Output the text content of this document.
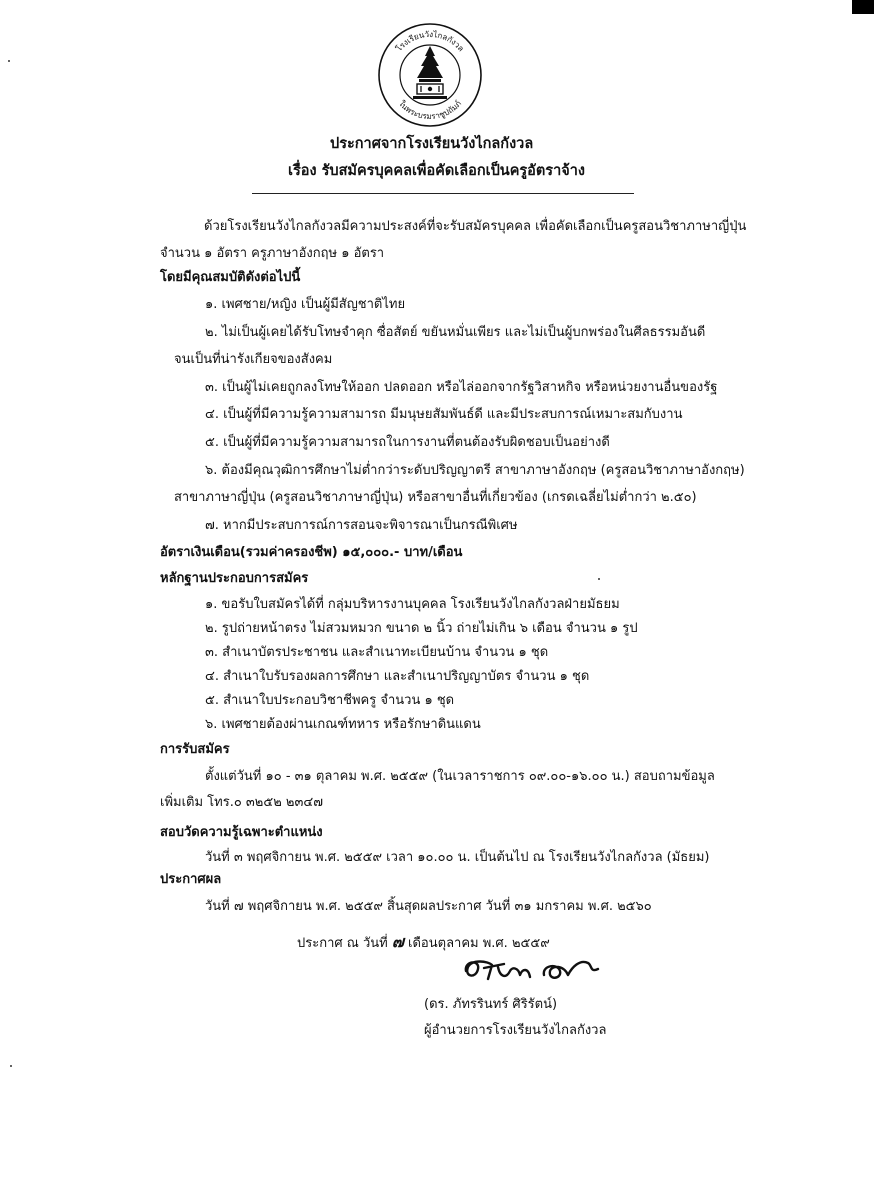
โรงเรียนวังไกลกังวล
ในพระบรมราชูปถัมภ์
ประกาศจากโรงเรียนวังไกลกังวล
เรื่อง รับสมัครบุคคลเพื่อคัดเลือกเป็นครูอัตราจ้าง
ด้วยโรงเรียนวังไกลกังวลมีความประสงค์ที่จะรับสมัครบุคคล เพื่อคัดเลือกเป็นครูสอนวิชาภาษาญี่ปุ่น
จำนวน ๑ อัตรา ครูภาษาอังกฤษ ๑ อัตรา
โดยมีคุณสมบัติดังต่อไปนี้
๑. เพศชาย/หญิง เป็นผู้มีสัญชาติไทย
๒. ไม่เป็นผู้เคยได้รับโทษจำคุก ซื่อสัตย์ ขยันหมั่นเพียร และไม่เป็นผู้บกพร่องในศีลธรรมอันดี
จนเป็นที่น่ารังเกียจของสังคม
๓. เป็นผู้ไม่เคยถูกลงโทษให้ออก ปลดออก หรือไล่ออกจากรัฐวิสาหกิจ หรือหน่วยงานอื่นของรัฐ
๔. เป็นผู้ที่มีความรู้ความสามารถ มีมนุษยสัมพันธ์ดี และมีประสบการณ์เหมาะสมกับงาน
๕. เป็นผู้ที่มีความรู้ความสามารถในการงานที่ตนต้องรับผิดชอบเป็นอย่างดี
๖. ต้องมีคุณวุฒิการศึกษาไม่ต่ำกว่าระดับปริญญาตรี สาขาภาษาอังกฤษ (ครูสอนวิชาภาษาอังกฤษ)
สาขาภาษาญี่ปุ่น (ครูสอนวิชาภาษาญี่ปุ่น) หรือสาขาอื่นที่เกี่ยวข้อง (เกรดเฉลี่ยไม่ต่ำกว่า ๒.๕๐)
๗. หากมีประสบการณ์การสอนจะพิจารณาเป็นกรณีพิเศษ
อัตราเงินเดือน(รวมค่าครองชีพ) ๑๕,๐๐๐.- บาท/เดือน
หลักฐานประกอบการสมัคร
๑. ขอรับใบสมัครได้ที่ กลุ่มบริหารงานบุคคล โรงเรียนวังไกลกังวลฝ่ายมัธยม
๒. รูปถ่ายหน้าตรง ไม่สวมหมวก ขนาด ๒ นิ้ว ถ่ายไม่เกิน ๖ เดือน จำนวน ๑ รูป
๓. สำเนาบัตรประชาชน และสำเนาทะเบียนบ้าน จำนวน ๑ ชุด
๔. สำเนาใบรับรองผลการศึกษา และสำเนาปริญญาบัตร จำนวน ๑ ชุด
๕. สำเนาใบประกอบวิชาชีพครู จำนวน ๑ ชุด
๖. เพศชายต้องผ่านเกณฑ์ทหาร หรือรักษาดินแดน
การรับสมัคร
ตั้งแต่วันที่ ๑๐ - ๓๑ ตุลาคม พ.ศ. ๒๕๕๙ (ในเวลาราชการ ๐๙.๐๐-๑๖.๐๐ น.) สอบถามข้อมูล
เพิ่มเติม โทร.๐ ๓๒๕๒ ๒๓๔๗
สอบวัดความรู้เฉพาะตำแหน่ง
วันที่ ๓ พฤศจิกายน พ.ศ. ๒๕๕๙ เวลา ๑๐.๐๐ น. เป็นต้นไป ณ โรงเรียนวังไกลกังวล (มัธยม)
ประกาศผล
วันที่ ๗ พฤศจิกายน พ.ศ. ๒๕๕๙ สิ้นสุดผลประกาศ วันที่ ๓๑ มกราคม พ.ศ. ๒๕๖๐
ประกาศ ณ วันที่ ๗ เดือนตุลาคม พ.ศ. ๒๕๕๙
(ดร. ภัทรรินทร์ ศิริรัตน์)
ผู้อำนวยการโรงเรียนวังไกลกังวล
